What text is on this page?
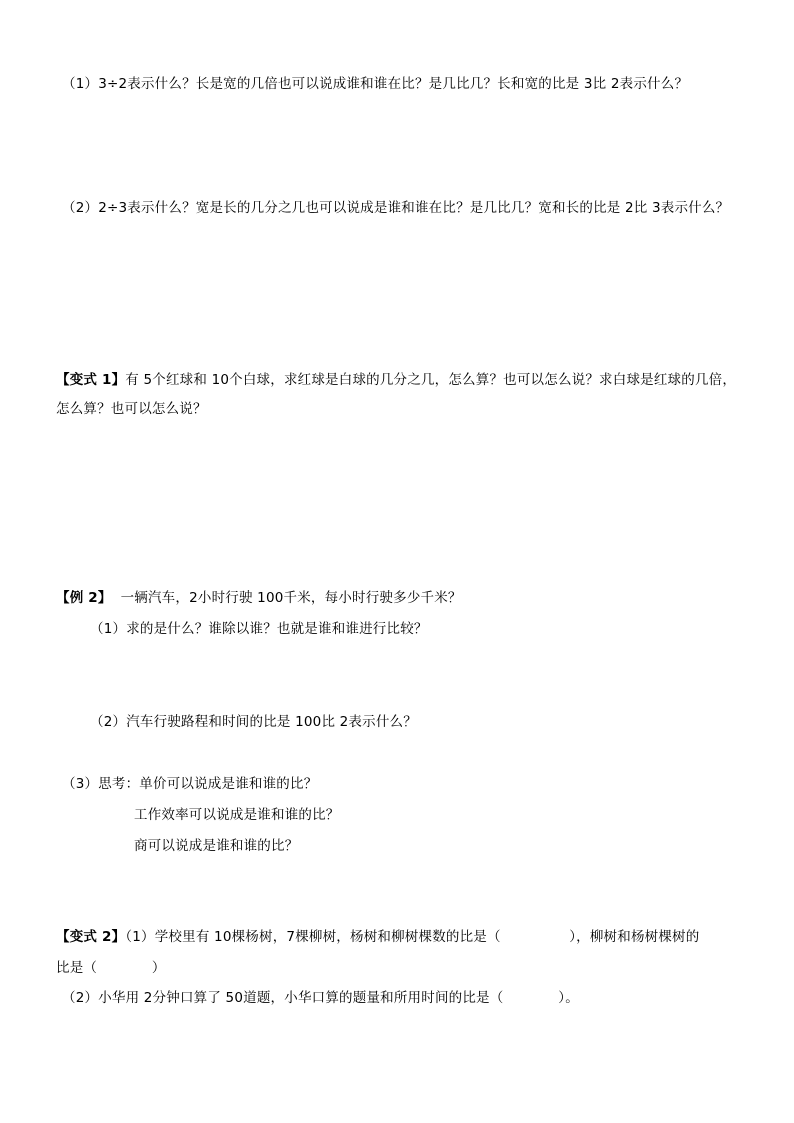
（1）3÷2表示什么？长是宽的几倍也可以说成谁和谁在比？是几比几？长和宽的比是 3比 2表示什么？
（2）2÷3表示什么？宽是长的几分之几也可以说成是谁和谁在比？是几比几？宽和长的比是 2比 3表示什么？
【变式 1】有 5个红球和 10个白球，求红球是白球的几分之几，怎么算？也可以怎么说？求白球是红球的几倍，
怎么算？也可以怎么说？
【例 2】 一辆汽车，2小时行驶 100千米，每小时行驶多少千米？
（1）求的是什么？谁除以谁？也就是谁和谁进行比较？
（2）汽车行驶路程和时间的比是 100比 2表示什么？
（3）思考：单价可以说成是谁和谁的比？
工作效率可以说成是谁和谁的比？
商可以说成是谁和谁的比？
【变式 2】（1）学校里有 10棵杨树，7棵柳树，杨树和柳树棵数的比是（　　　　　），柳树和杨树棵树的
比是（　　　　）
（2）小华用 2分钟口算了 50道题，小华口算的题量和所用时间的比是（　　　　）。
